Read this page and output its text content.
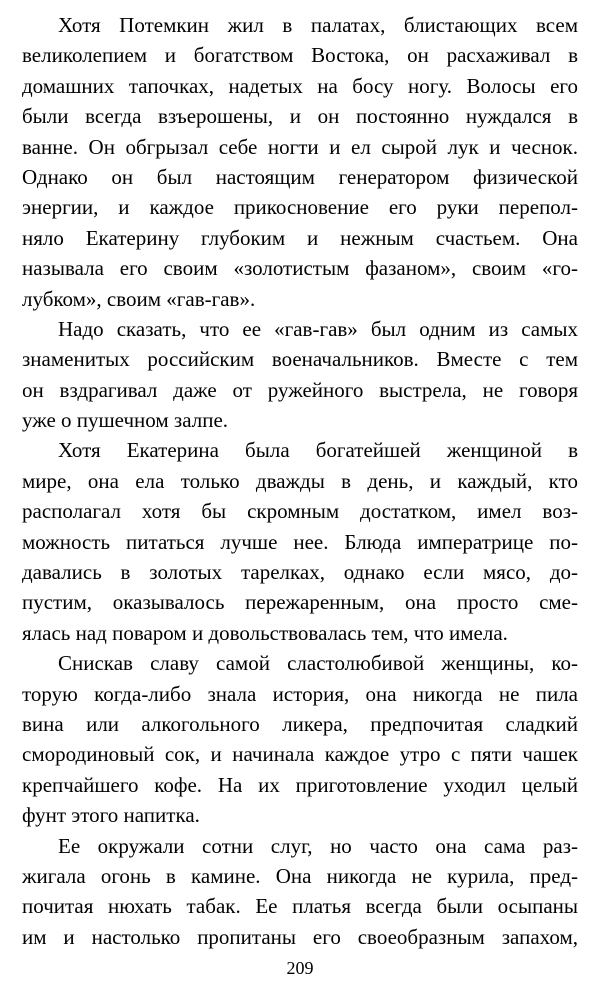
Хотя Потемкин жил в палатах, блистающих всем
великолепием и богатством Востока, он расхаживал в
домашних тапочках, надетых на босу ногу. Волосы его
были всегда взъерошены, и он постоянно нуждался в
ванне. Он обгрызал себе ногти и ел сырой лук и чеснок.
Однако он был настоящим генератором физической
энергии, и каждое прикосновение его руки перепол-
няло Екатерину глубоким и нежным счастьем. Она
называла его своим «золотистым фазаном», своим «го-
лубком», своим «гав-гав».
Надо сказать, что ее «гав-гав» был одним из самых
знаменитых российским военачальников. Вместе с тем
он вздрагивал даже от ружейного выстрела, не говоря
уже о пушечном залпе.
Хотя Екатерина была богатейшей женщиной в
мире, она ела только дважды в день, и каждый, кто
располагал хотя бы скромным достатком, имел воз-
можность питаться лучше нее. Блюда императрице по-
давались в золотых тарелках, однако если мясо, до-
пустим, оказывалось пережаренным, она просто сме-
ялась над поваром и довольствовалась тем, что имела.
Снискав славу самой сластолюбивой женщины, ко-
торую когда-либо знала история, она никогда не пила
вина или алкогольного ликера, предпочитая сладкий
смородиновый сок, и начинала каждое утро с пяти чашек
крепчайшего кофе. На их приготовление уходил целый
фунт этого напитка.
Ее окружали сотни слуг, но часто она сама раз-
жигала огонь в камине. Она никогда не курила, пред-
почитая нюхать табак. Ее платья всегда были осыпаны
им и настолько пропитаны его своеобразным запахом,
209
